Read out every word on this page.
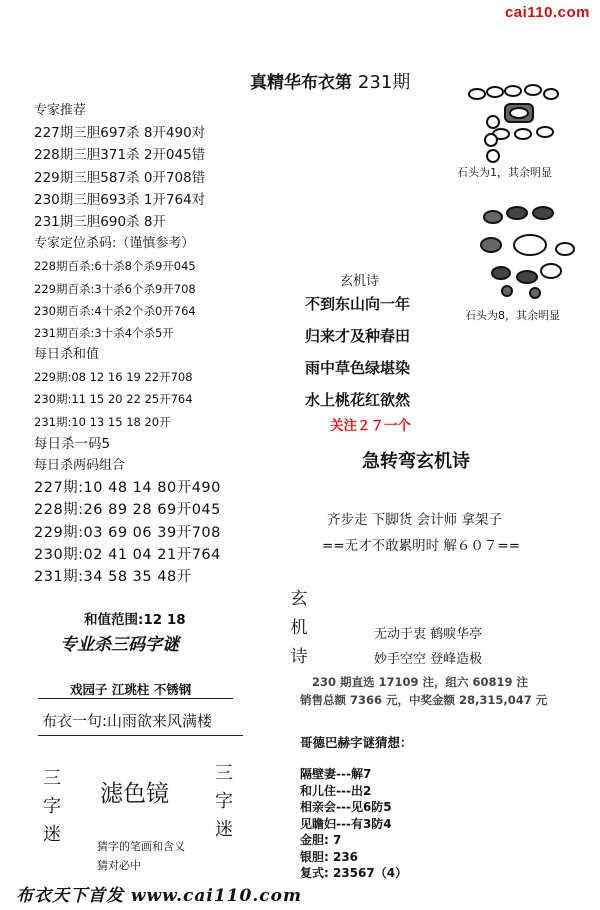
cai110.com
真精华布衣第 231期
专家推荐
227期三胆697杀 8开490对
228期三胆371杀 2开045错
229期三胆587杀 0开708错
230期三胆693杀 1开764对
231期三胆690杀 8开
专家定位杀码:（谨慎参考）
228期百杀:6十杀8个杀9开045
229期百杀:3十杀6个杀9开708
230期百杀:4十杀2个杀0开764
231期百杀:3十杀4个杀5开
每日杀和值
229期:08 12 16 19 22开708
230期:11 15 20 22 25开764
231期:10 13 15 18 20开
每日杀一码5
每日杀两码组合
227期:10 48 14 80开490
228期:26 89 28 69开045
229期:03 69 06 39开708
230期:02 41 04 21开764
231期:34 58 35 48开
和值范围:12 18
专业杀三码字谜
戏园子 江珧柱 不锈钢
布衣一句:山雨欲来风满楼
三
字
迷
滤色镜
三
字
迷
猜字的笔画和含义
猜对必中
石头为1，其余明显
石头为8，其余明显
玄机诗
不到东山向一年
归来才及种春田
雨中草色绿堪染
水上桃花红欲然
关注２７一个
急转弯玄机诗
齐步走 下脚货 会计师 拿架子
==无才不敢累明时 解６０７==
玄
机
诗
无动于衷 鹤唳华亭
妙手空空 登峰造极
230 期直选 17109 注，组六 60819 注
销售总额 7366 元，中奖金额 28,315,047 元
哥德巴赫字谜猜想：
隔壁妻---解7
和儿住---出2
相亲会---见6防5
见瞻妇---有3防4
金胆: 7
银胆: 236
复式: 23567（4）
布衣天下首发 www.cai110.com
